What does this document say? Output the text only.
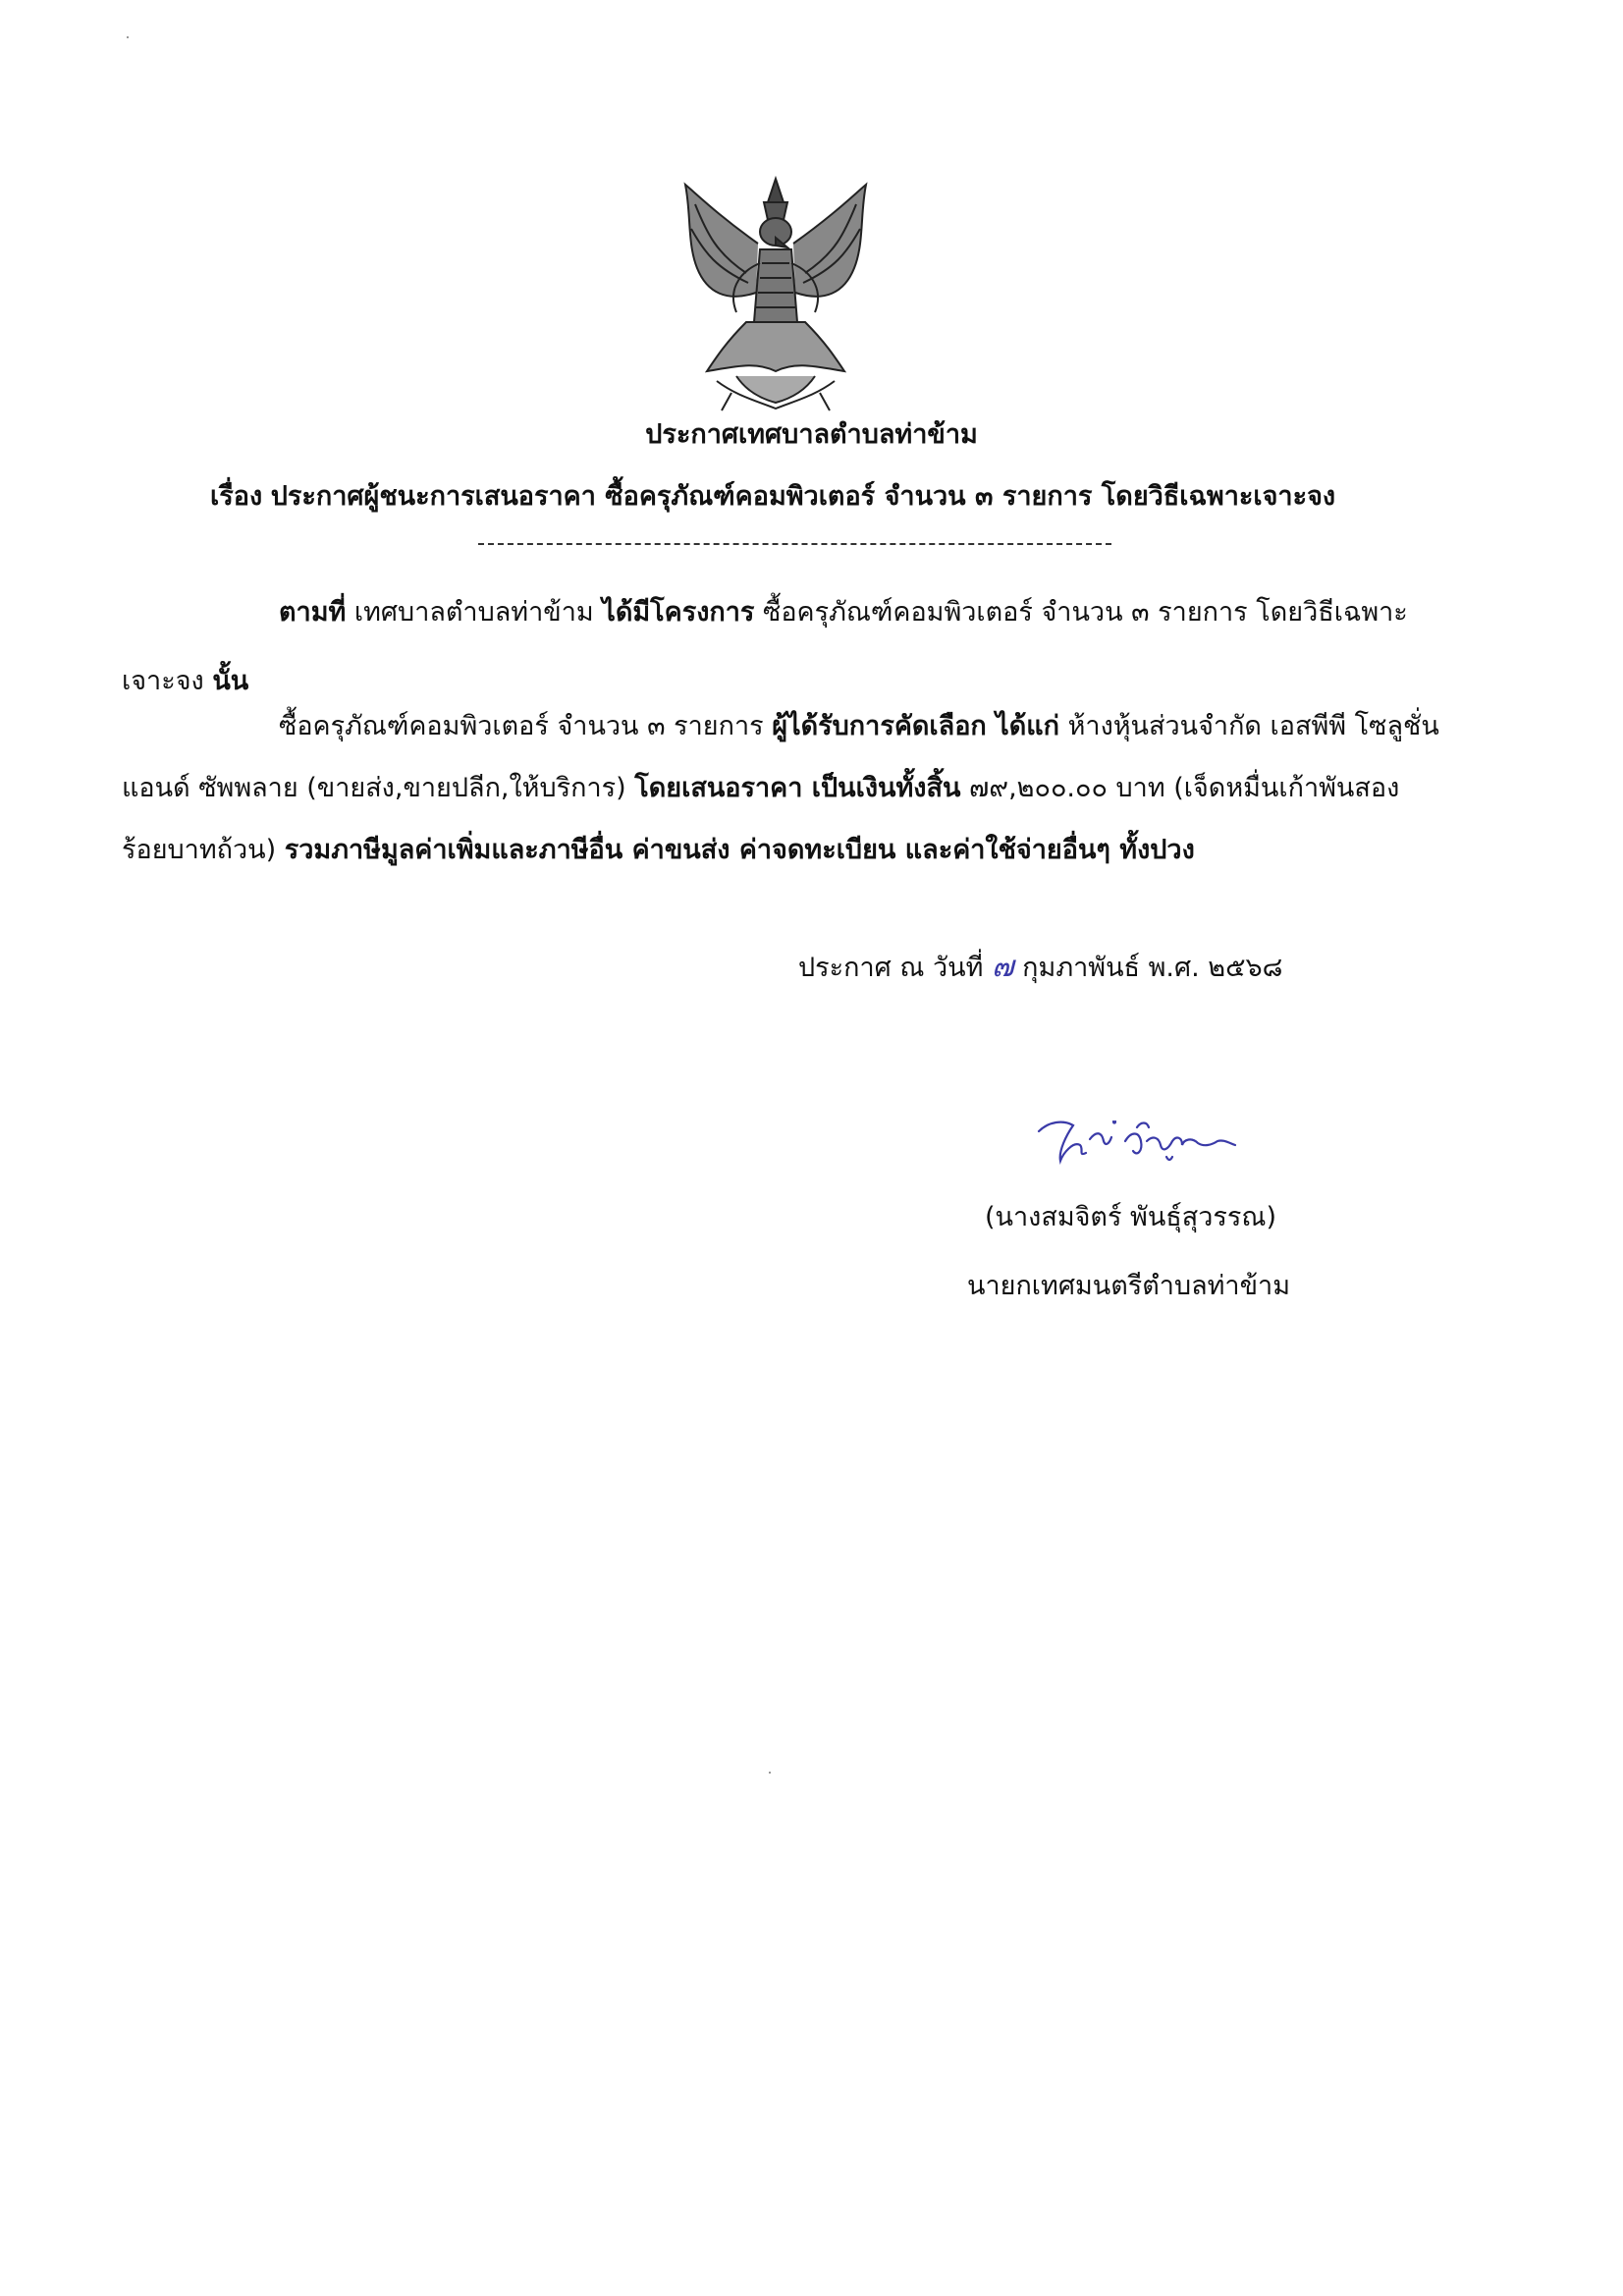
ประกาศเทศบาลตำบลท่าข้าม
เรื่อง ประกาศผู้ชนะการเสนอราคา ซื้อครุภัณฑ์คอมพิวเตอร์ จำนวน ๓ รายการ โดยวิธีเฉพาะเจาะจง
ตามที่ เทศบาลตำบลท่าข้าม ได้มีโครงการ ซื้อครุภัณฑ์คอมพิวเตอร์ จำนวน ๓ รายการ โดยวิธีเฉพาะ
เจาะจง นั้น
ซื้อครุภัณฑ์คอมพิวเตอร์ จำนวน ๓ รายการ ผู้ได้รับการคัดเลือก ได้แก่ ห้างหุ้นส่วนจำกัด เอสพีพี โซลูชั่น
แอนด์ ซัพพลาย (ขายส่ง,ขายปลีก,ให้บริการ) โดยเสนอราคา เป็นเงินทั้งสิ้น ๗๙,๒๐๐.๐๐ บาท (เจ็ดหมื่นเก้าพันสอง
ร้อยบาทถ้วน) รวมภาษีมูลค่าเพิ่มและภาษีอื่น ค่าขนส่ง ค่าจดทะเบียน และค่าใช้จ่ายอื่นๆ ทั้งปวง
ประกาศ ณ วันที่ ๗ กุมภาพันธ์ พ.ศ. ๒๕๖๘
(นางสมจิตร์ พันธุ์สุวรรณ)
นายกเทศมนตรีตำบลท่าข้าม
